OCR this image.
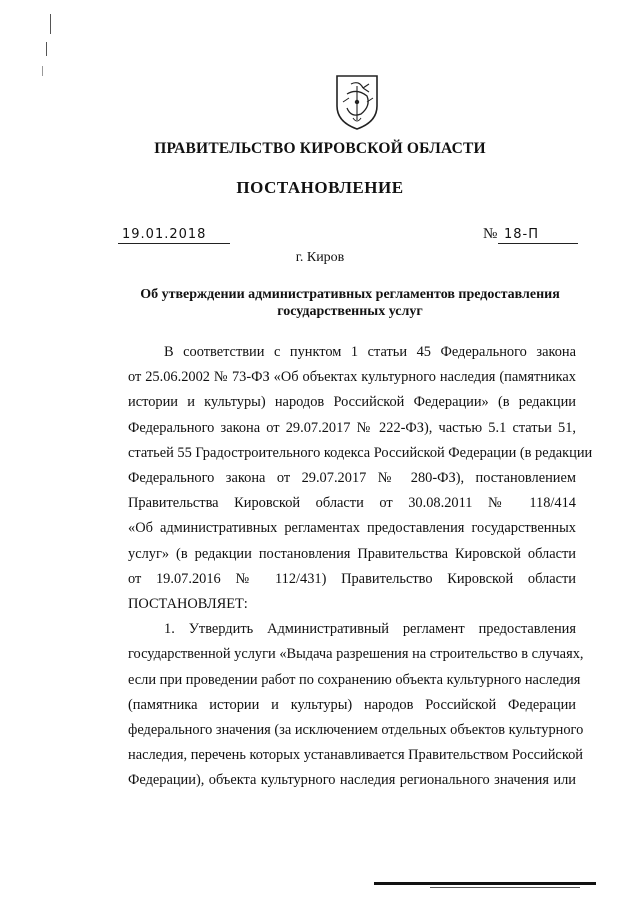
ПРАВИТЕЛЬСТВО КИРОВСКОЙ ОБЛАСТИ
ПОСТАНОВЛЕНИЕ
19.01.2018	№ 18-П
г. Киров
Об утверждении административных регламентов предоставления
государственных услуг
В соответствии с пунктом 1 статьи 45 Федерального закона
от 25.06.2002 № 73-ФЗ «Об объектах культурного наследия (памятниках
истории и культуры) народов Российской Федерации» (в редакции
Федерального закона от 29.07.2017 № 222-ФЗ), частью 5.1 статьи 51,
статьей 55 Градостроительного кодекса Российской Федерации (в редакции
Федерального закона от 29.07.2017 № 280-ФЗ), постановлением
Правительства Кировской области от 30.08.2011 № 118/414
«Об административных регламентах предоставления государственных
услуг» (в редакции постановления Правительства Кировской области
от 19.07.2016 № 112/431) Правительство Кировской области
ПОСТАНОВЛЯЕТ:
1. Утвердить Административный регламент предоставления
государственной услуги «Выдача разрешения на строительство в случаях,
если при проведении работ по сохранению объекта культурного наследия
(памятника истории и культуры) народов Российской Федерации
федерального значения (за исключением отдельных объектов культурного
наследия, перечень которых устанавливается Правительством Российской
Федерации), объекта культурного наследия регионального значения или
